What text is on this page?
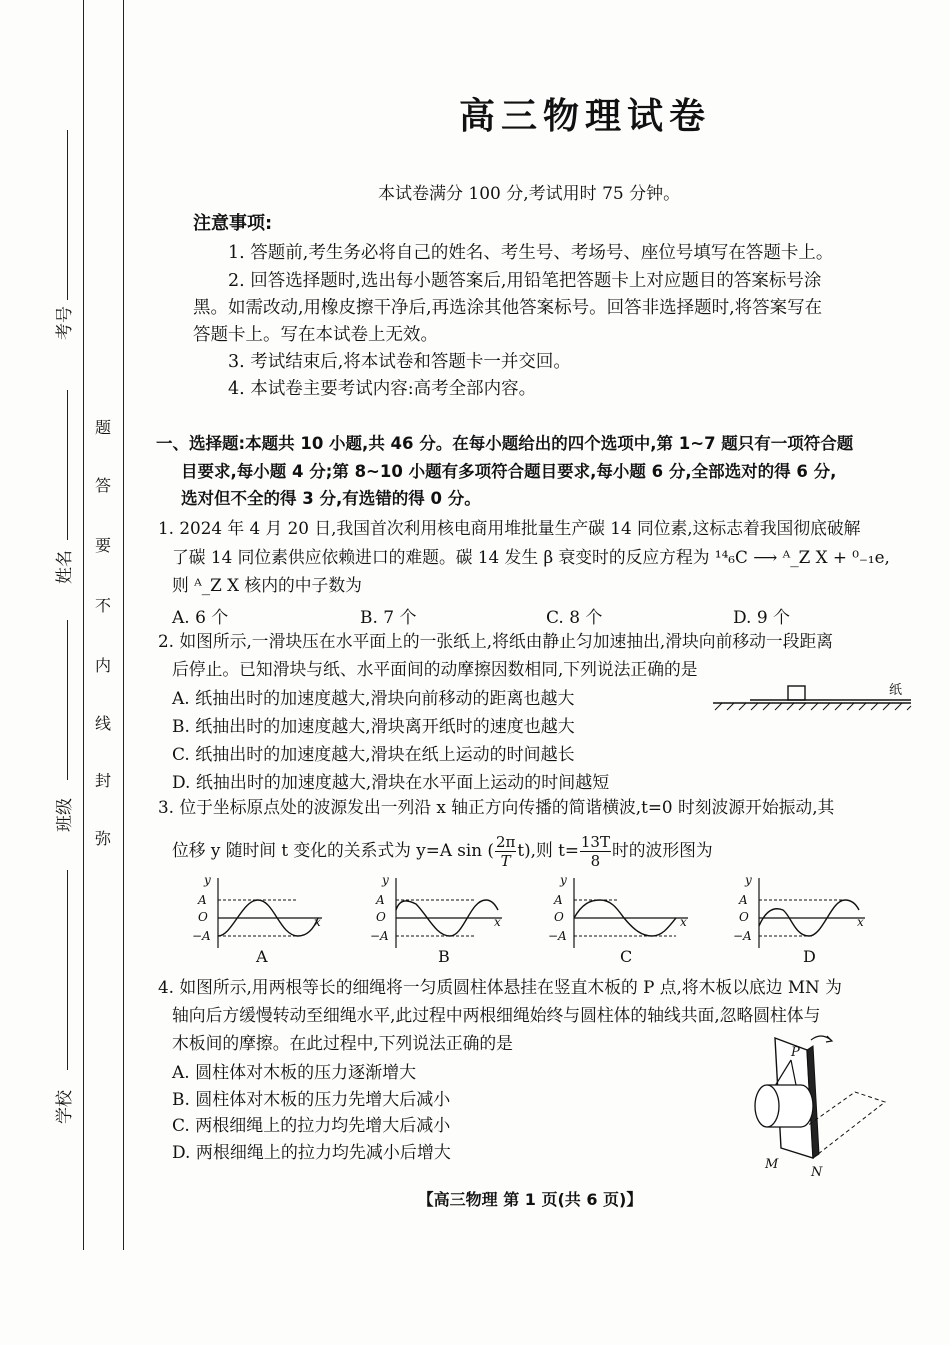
考号
姓名
班级
学校
题
答
要
不
内
线
封
弥
高三物理试卷
本试卷满分 100 分,考试用时 75 分钟。
注意事项:
1. 答题前,考生务必将自己的姓名、考生号、考场号、座位号填写在答题卡上。
2. 回答选择题时,选出每小题答案后,用铅笔把答题卡上对应题目的答案标号涂
黑。如需改动,用橡皮擦干净后,再选涂其他答案标号。回答非选择题时,将答案写在
答题卡上。写在本试卷上无效。
3. 考试结束后,将本试卷和答题卡一并交回。
4. 本试卷主要考试内容:高考全部内容。
一、选择题:本题共 10 小题,共 46 分。在每小题给出的四个选项中,第 1~7 题只有一项符合题
目要求,每小题 4 分;第 8~10 小题有多项符合题目要求,每小题 6 分,全部选对的得 6 分,
选对但不全的得 3 分,有选错的得 0 分。
1. 2024 年 4 月 20 日,我国首次利用核电商用堆批量生产碳 14 同位素,这标志着我国彻底破解
了碳 14 同位素供应依赖进口的难题。碳 14 发生 β 衰变时的反应方程为 ¹⁴₆C ⟶ ᴬ_Z X + ⁰₋₁e,
则 ᴬ_Z X 核内的中子数为
A. 6 个	B. 7 个	C. 8 个	D. 9 个
2. 如图所示,一滑块压在水平面上的一张纸上,将纸由静止匀加速抽出,滑块向前移动一段距离
后停止。已知滑块与纸、水平面间的动摩擦因数相同,下列说法正确的是
A. 纸抽出时的加速度越大,滑块向前移动的距离也越大
B. 纸抽出时的加速度越大,滑块离开纸时的速度也越大
C. 纸抽出时的加速度越大,滑块在纸上运动的时间越长
D. 纸抽出时的加速度越大,滑块在水平面上运动的时间越短
纸
3. 位于坐标原点处的波源发出一列沿 x 轴正方向传播的简谐横波,t=0 时刻波源开始振动,其
位移 y 随时间 t 变化的关系式为 y=A sin ( $\frac{2\pi}{T} t$),则 $t= \frac{13T}{8}$ 时的波形图为
y
A
O
−A
x
A
y
A
O
−A
x
B
y
A
O
−A
x
C
y
A
O
−A
x
D
4. 如图所示,用两根等长的细绳将一匀质圆柱体悬挂在竖直木板的 P 点,将木板以底边 MN 为
轴向后方缓慢转动至细绳水平,此过程中两根细绳始终与圆柱体的轴线共面,忽略圆柱体与
木板间的摩擦。在此过程中,下列说法正确的是
A. 圆柱体对木板的压力逐渐增大
B. 圆柱体对木板的压力先增大后减小
C. 两根细绳上的拉力均先增大后减小
D. 两根细绳上的拉力均先减小后增大
P
M
N
【高三物理 第 1 页(共 6 页)】
